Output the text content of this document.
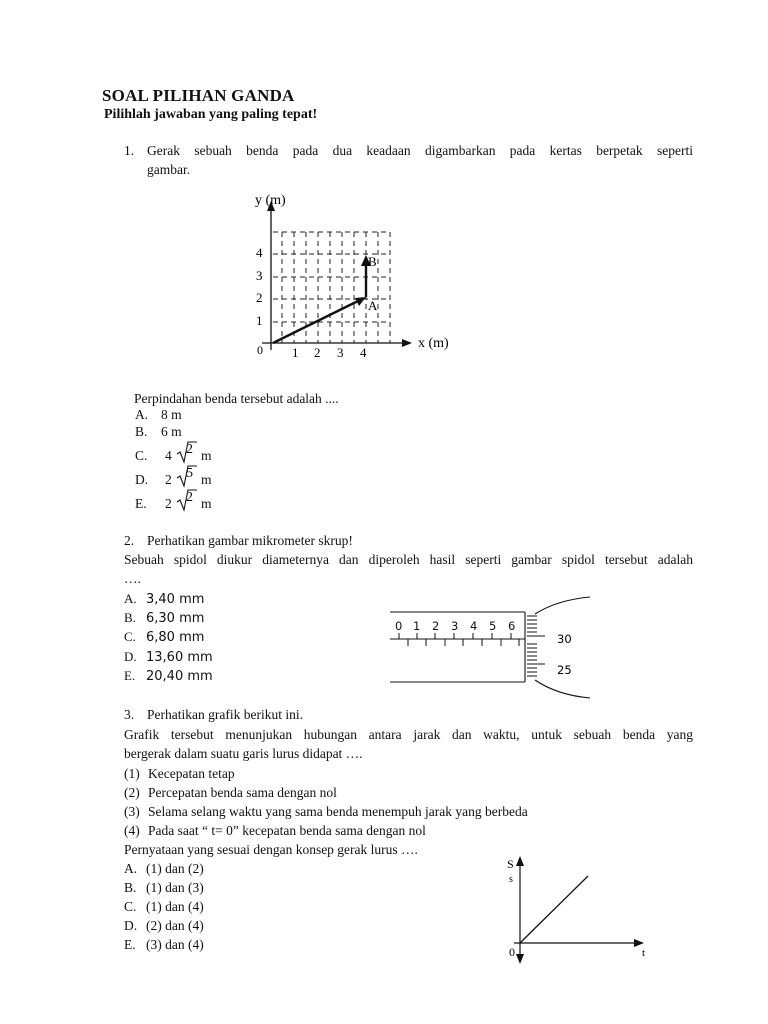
SOAL PILIHAN GANDA
Pilihlah jawaban yang paling tepat!
1. Gerak sebuah benda pada dua keadaan digambarkan pada kertas berpetak seperti
gambar.
y (m)
x (m)
0 1 2 3 4
1
2
3
4
A
B
Perpindahan benda tersebut adalah ....
A. 8 m
B. 6 m
C.	4 2 m
D.	2 5 m
E.	2 2 m
2. Perhatikan gambar mikrometer skrup!
Sebuah spidol diukur diameternya dan diperoleh hasil seperti gambar spidol tersebut adalah
….
A. 3,40 mm
B. 6,30 mm
C. 6,80 mm
D. 13,60 mm
E. 20,40 mm
0 1 2 3 4 5 6
30
25
3. Perhatikan grafik berikut ini.
Grafik tersebut menunjukan hubungan antara jarak dan waktu, untuk sebuah benda yang
bergerak dalam suatu garis lurus didapat ….
(1) Kecepatan tetap
(2) Percepatan benda sama dengan nol
(3) Selama selang waktu yang sama benda menempuh jarak yang berbeda
(4) Pada saat “ t= 0” kecepatan benda sama dengan nol
Pernyataan yang sesuai dengan konsep gerak lurus ….
A. (1) dan (2)
B. (1) dan (3)
C. (1) dan (4)
D. (2) dan (4)
E. (3) dan (4)
S
s
t
0
